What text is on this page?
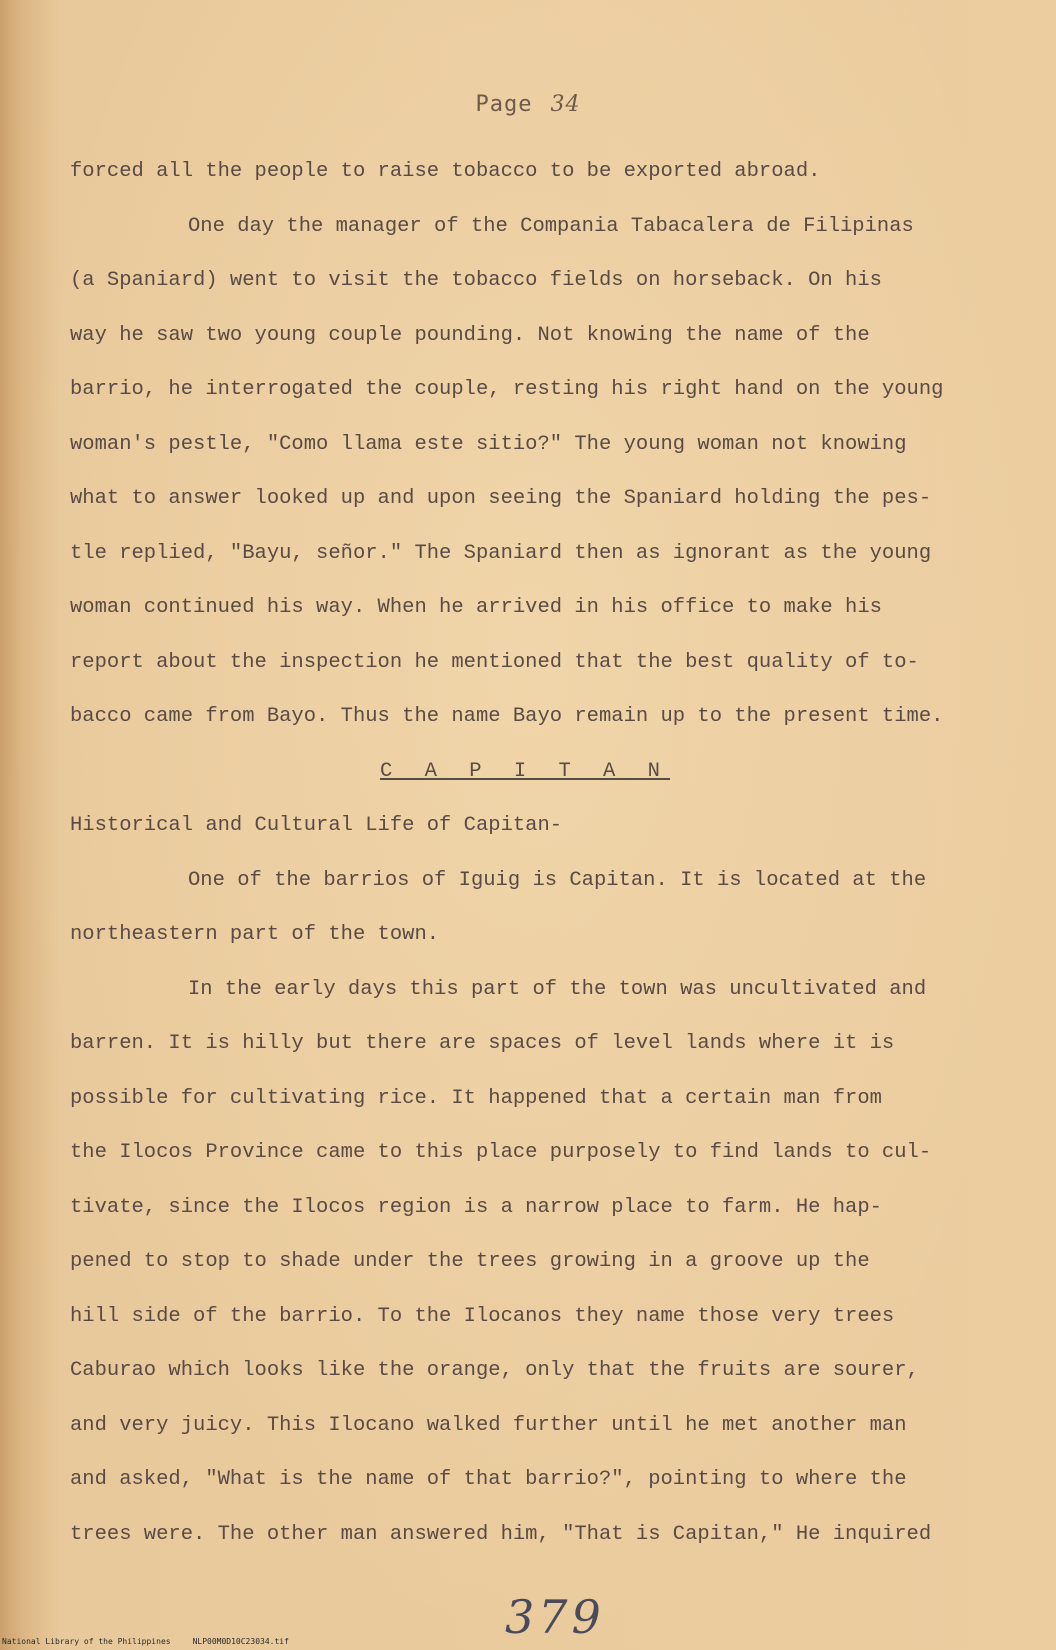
Page 34
forced all the people to raise tobacco to be exported abroad.
One day the manager of the Compania Tabacalera de Filipinas
(a Spaniard) went to visit the tobacco fields on horseback. On his
way he saw two young couple pounding. Not knowing the name of the
barrio, he interrogated the couple, resting his right hand on the young
woman's pestle, "Como llama este sitio?" The young woman not knowing
what to answer looked up and upon seeing the Spaniard holding the pes-
tle replied, "Bayu, señor." The Spaniard then as ignorant as the young
woman continued his way. When he arrived in his office to make his
report about the inspection he mentioned that the best quality of to-
bacco came from Bayo. Thus the name Bayo remain up to the present time.
C A P I T A N
Historical and Cultural Life of Capitan-
One of the barrios of Iguig is Capitan. It is located at the
northeastern part of the town.
In the early days this part of the town was uncultivated and
barren. It is hilly but there are spaces of level lands where it is
possible for cultivating rice. It happened that a certain man from
the Ilocos Province came to this place purposely to find lands to cul-
tivate, since the Ilocos region is a narrow place to farm. He hap-
pened to stop to shade under the trees growing in a groove up the
hill side of the barrio. To the Ilocanos they name those very trees
Caburao which looks like the orange, only that the fruits are sourer,
and very juicy. This Ilocano walked further until he met another man
and asked, "What is the name of that barrio?", pointing to where the
trees were. The other man answered him, "That is Capitan," He inquired
379
National Library of the Philippines	NLP00M0D10C23034.tif
